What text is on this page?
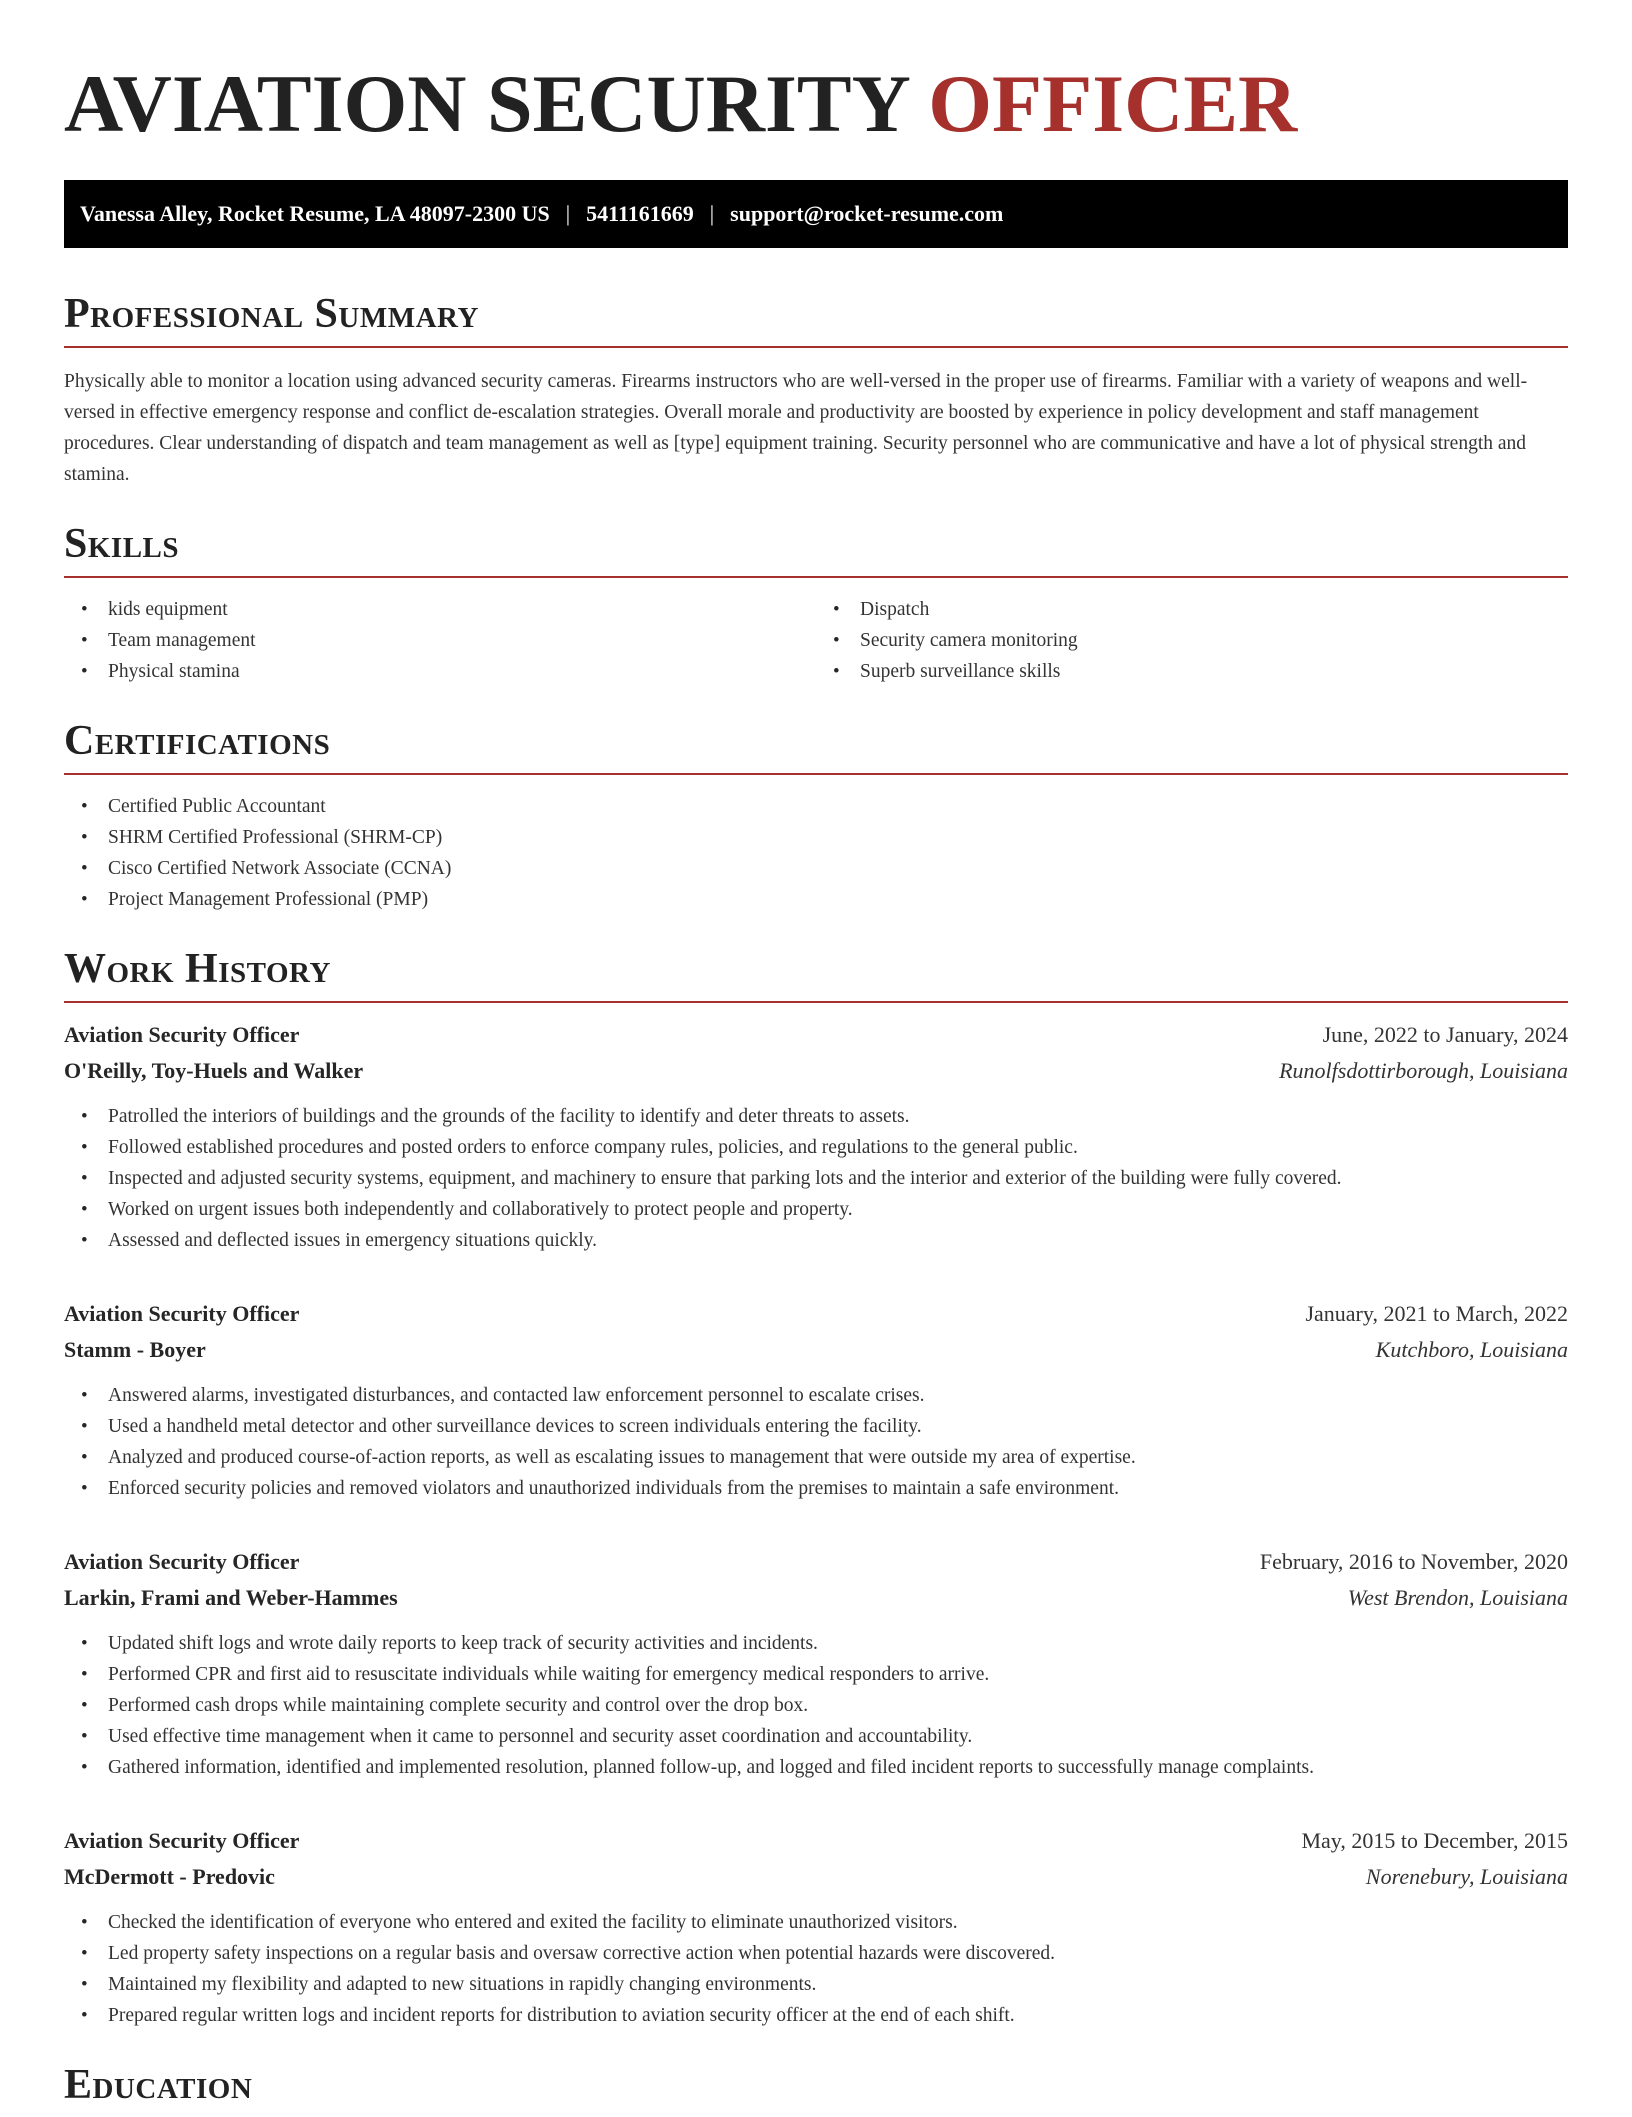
AVIATION SECURITY OFFICER
Vanessa Alley, Rocket Resume, LA 48097-2300 US | 5411161669 | support@rocket-resume.com
Professional Summary

Physically able to monitor a location using advanced security cameras. Firearms instructors who are well-versed in the proper use of firearms. Familiar with a variety of weapons and well-versed in effective emergency response and conflict de-escalation strategies. Overall morale and productivity are boosted by experience in policy development and staff management procedures. Clear understanding of dispatch and team management as well as [type] equipment training. Security personnel who are communicative and have a lot of physical strength and stamina.

Skills
• kids equipment
• Team management
• Physical stamina
• Dispatch
• Security camera monitoring
• Superb surveillance skills
Certifications
• Certified Public Accountant
• SHRM Certified Professional (SHRM-CP)
• Cisco Certified Network Associate (CCNA)
• Project Management Professional (PMP)
Work History
Aviation Security Officer	June, 2022 to January, 2024
O'Reilly, Toy-Huels and Walker	Runolfsdottirborough, Louisiana
• Patrolled the interiors of buildings and the grounds of the facility to identify and deter threats to assets.
• Followed established procedures and posted orders to enforce company rules, policies, and regulations to the general public.
• Inspected and adjusted security systems, equipment, and machinery to ensure that parking lots and the interior and exterior of the building were fully covered.
• Worked on urgent issues both independently and collaboratively to protect people and property.
• Assessed and deflected issues in emergency situations quickly.
Aviation Security Officer	January, 2021 to March, 2022
Stamm - Boyer	Kutchboro, Louisiana
• Answered alarms, investigated disturbances, and contacted law enforcement personnel to escalate crises.
• Used a handheld metal detector and other surveillance devices to screen individuals entering the facility.
• Analyzed and produced course-of-action reports, as well as escalating issues to management that were outside my area of expertise.
• Enforced security policies and removed violators and unauthorized individuals from the premises to maintain a safe environment.
Aviation Security Officer	February, 2016 to November, 2020
Larkin, Frami and Weber-Hammes	West Brendon, Louisiana
• Updated shift logs and wrote daily reports to keep track of security activities and incidents.
• Performed CPR and first aid to resuscitate individuals while waiting for emergency medical responders to arrive.
• Performed cash drops while maintaining complete security and control over the drop box.
• Used effective time management when it came to personnel and security asset coordination and accountability.
• Gathered information, identified and implemented resolution, planned follow-up, and logged and filed incident reports to successfully manage complaints.
Aviation Security Officer	May, 2015 to December, 2015
McDermott - Predovic	Norenebury, Louisiana
• Checked the identification of everyone who entered and exited the facility to eliminate unauthorized visitors.
• Led property safety inspections on a regular basis and oversaw corrective action when potential hazards were discovered.
• Maintained my flexibility and adapted to new situations in rapidly changing environments.
• Prepared regular written logs and incident reports for distribution to aviation security officer at the end of each shift.
Education
